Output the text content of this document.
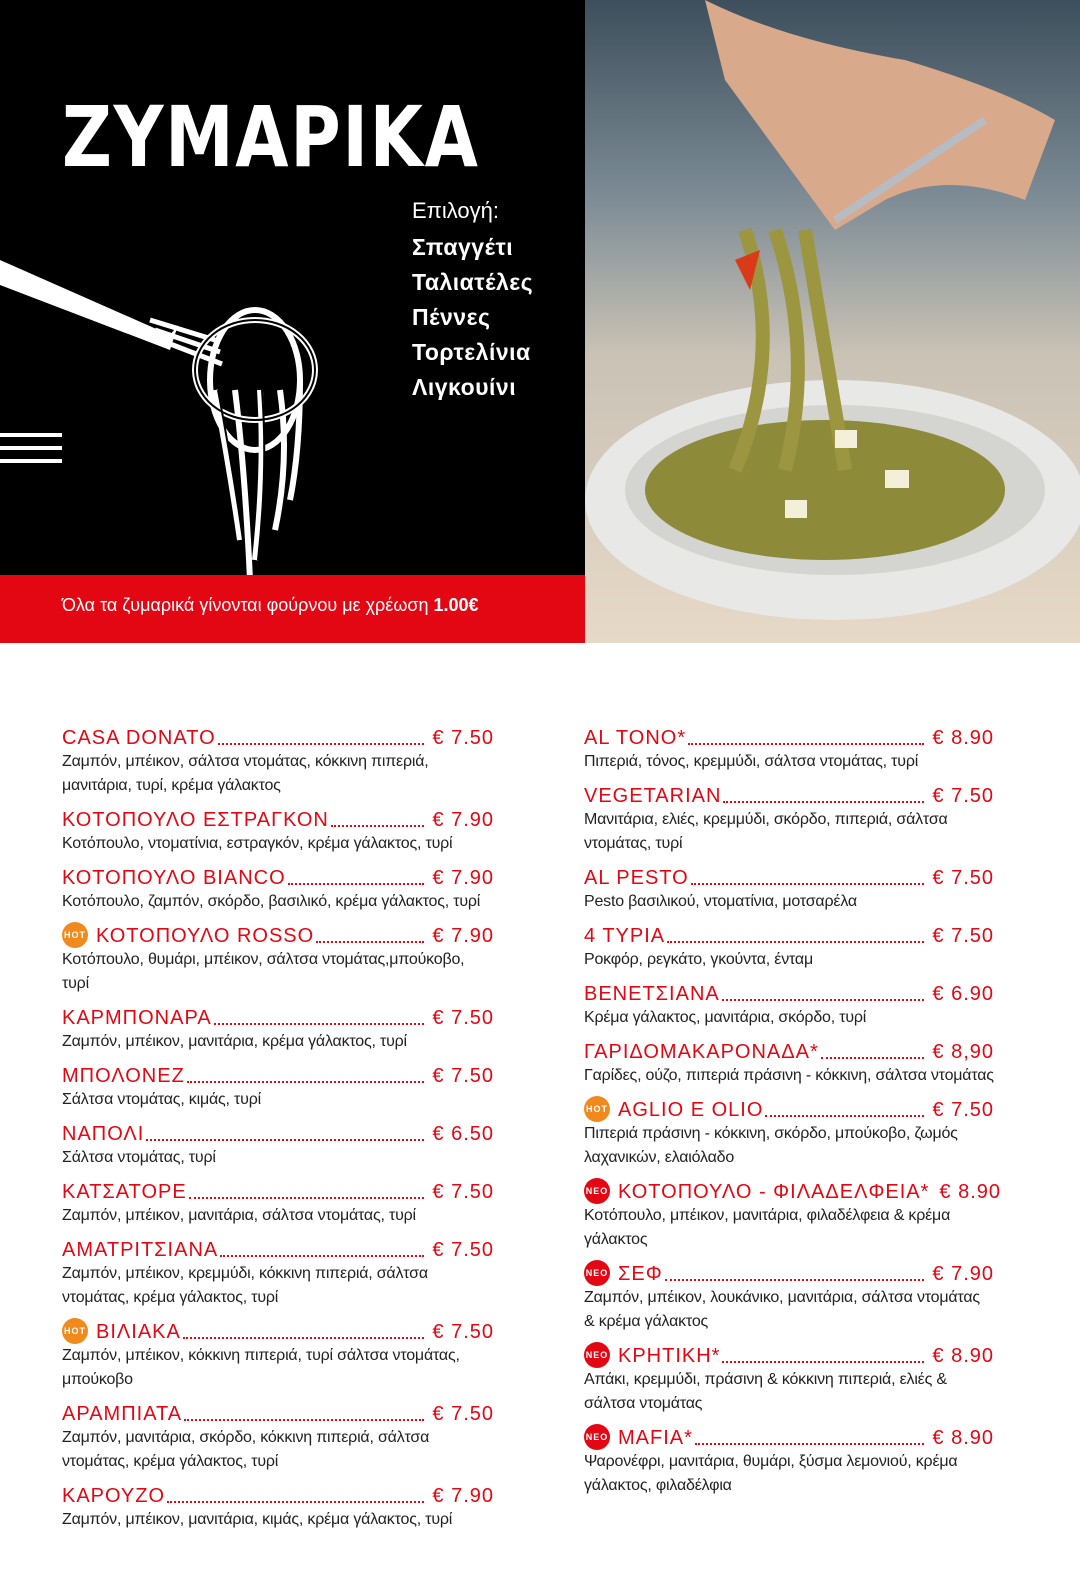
ΖΥΜΑΡΙΚΑ
Επιλογή:
Σπαγγέτι
Ταλιατέλες
Πέννες
Τορτελίνια
Λιγκουίνι
Όλα τα ζυμαρικά γίνονται φούρνου με χρέωση 1.00€
CASA DONATO	€ 7.50
Ζαμπόν, μπέικον, σάλτσα ντομάτας, κόκκινη πιπεριά, μανιτάρια, τυρί, κρέμα γάλακτος
ΚΟΤΟΠΟΥΛΟ ΕΣΤΡΑΓΚΟΝ	€ 7.90
Κοτόπουλο, ντοματίνια, εστραγκόν, κρέμα γάλακτος, τυρί
ΚΟΤΟΠΟΥΛΟ BIANCO	€ 7.90
Κοτόπουλο, ζαμπόν, σκόρδο, βασιλικό, κρέμα γάλακτος, τυρί
HOT ΚΟΤΟΠΟΥΛΟ ROSSO	€ 7.90
Κοτόπουλο, θυμάρι, μπέικον, σάλτσα ντομάτας,μπούκοβο, τυρί
ΚΑΡΜΠΟΝΑΡΑ	€ 7.50
Ζαμπόν, μπέικον, μανιτάρια, κρέμα γάλακτος, τυρί
ΜΠΟΛΟΝΕΖ	€ 7.50
Σάλτσα ντομάτας, κιμάς, τυρί
ΝΑΠΟΛΙ	€ 6.50
Σάλτσα ντομάτας, τυρί
ΚΑΤΣΑΤΟΡΕ	€ 7.50
Ζαμπόν, μπέικον, μανιτάρια, σάλτσα ντομάτας, τυρί
ΑΜΑΤΡΙΤΣΙΑΝΑ	€ 7.50
Ζαμπόν, μπέικον, κρεμμύδι, κόκκινη πιπεριά, σάλτσα ντομάτας, κρέμα γάλακτος, τυρί
HOT ΒΙΛΙΑΚΑ	€ 7.50
Ζαμπόν, μπέικον, κόκκινη πιπεριά, τυρί σάλτσα ντομάτας, μπούκοβο
ΑΡΑΜΠΙΑΤΑ	€ 7.50
Ζαμπόν, μανιτάρια, σκόρδο, κόκκινη πιπεριά, σάλτσα ντομάτας, κρέμα γάλακτος, τυρί
ΚΑΡΟΥΖΟ	€ 7.90
Ζαμπόν, μπέικον, μανιτάρια, κιμάς, κρέμα γάλακτος, τυρί
AL TONO*	€ 8.90
Πιπεριά, τόνος, κρεμμύδι, σάλτσα ντομάτας, τυρί
VEGETARIAN	€ 7.50
Μανιτάρια, ελιές, κρεμμύδι, σκόρδο, πιπεριά, σάλτσα ντομάτας, τυρί
AL PESTO	€ 7.50
Pesto βασιλικού, ντοματίνια, μοτσαρέλα
4 ΤΥΡΙΑ	€ 7.50
Ροκφόρ, ρεγκάτο, γκούντα, ένταμ
ΒΕΝΕΤΣΙΑΝΑ	€ 6.90
Κρέμα γάλακτος, μανιτάρια, σκόρδο, τυρί
ΓΑΡΙΔΟΜΑΚΑΡΟΝΑΔΑ*	€ 8,90
Γαρίδες, ούζο, πιπεριά πράσινη - κόκκινη, σάλτσα ντομάτας
HOT AGLIO E OLIO	€ 7.50
Πιπεριά πράσινη - κόκκινη, σκόρδο, μπούκοβο, ζωμός λαχανικών, ελαιόλαδο
NEO ΚΟΤΟΠΟΥΛΟ - ΦΙΛΑΔΕΛΦΕΙΑ* € 8.90
Κοτόπουλο, μπέικον, μανιτάρια, φιλαδέλφεια & κρέμα γάλακτος
NEO ΣΕΦ	€ 7.90
Ζαμπόν, μπέικον, λουκάνικο, μανιτάρια, σάλτσα ντομάτας & κρέμα γάλακτος
NEO ΚΡΗΤΙΚΗ*	€ 8.90
Απάκι, κρεμμύδι, πράσινη & κόκκινη πιπεριά, ελιές & σάλτσα ντομάτας
NEO MAFIA*	€ 8.90
Ψαρονέφρι, μανιτάρια, θυμάρι, ξύσμα λεμονιού, κρέμα γάλακτος, φιλαδέλφια
